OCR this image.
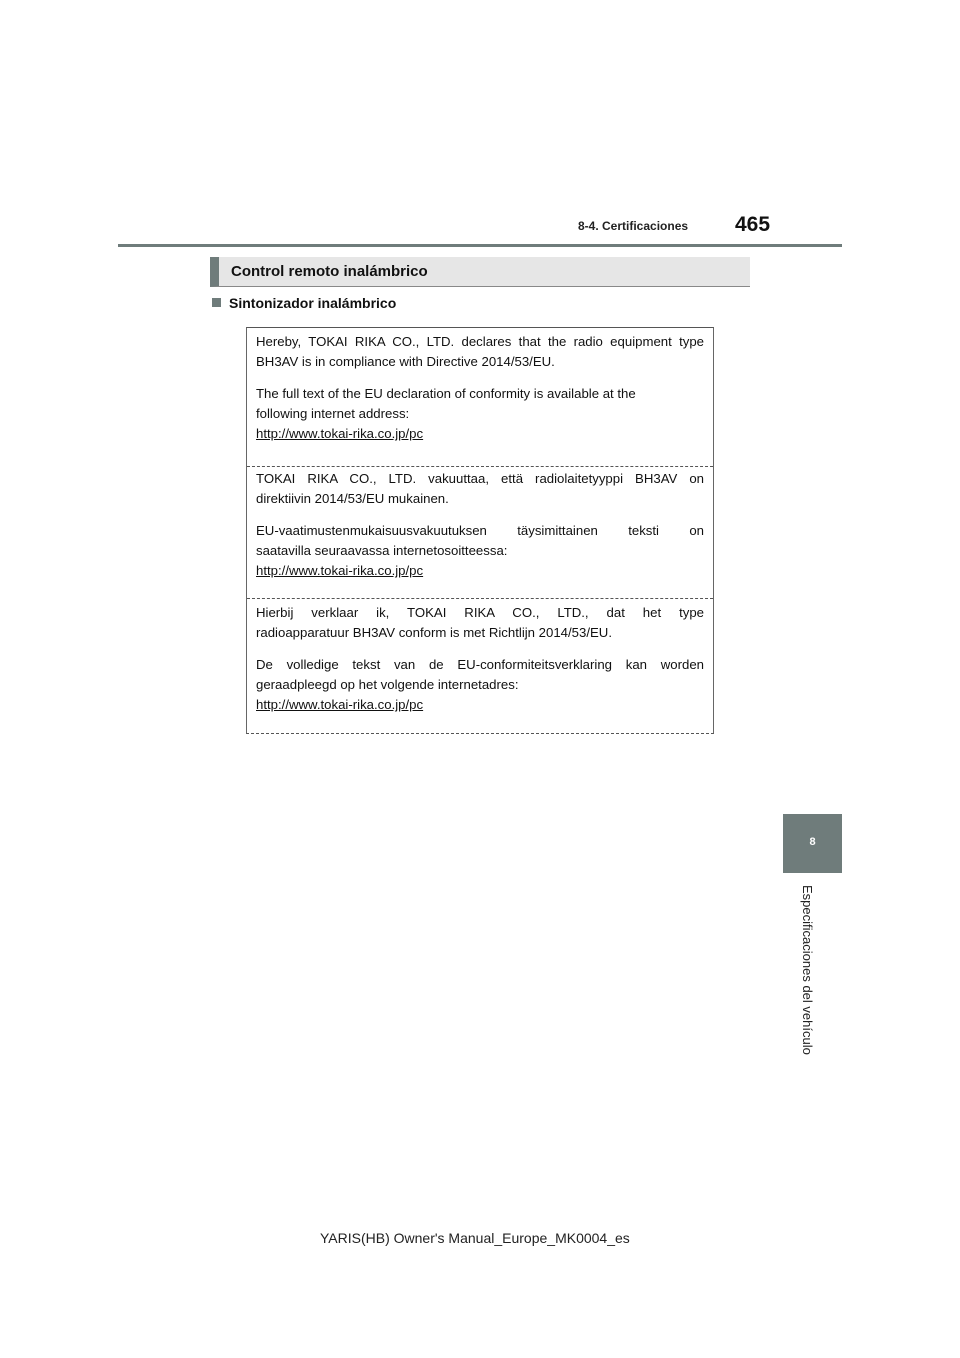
8-4. Certificaciones 465
Control remoto inalámbrico
Sintonizador inalámbrico

Hereby, TOKAI RIKA CO., LTD. declares that the radio equipment type
BH3AV is in compliance with Directive 2014/53/EU.

The full text of the EU declaration of conformity is available at the
following internet address:

http://www.tokai-rika.co.jp/pc

TOKAI RIKA CO., LTD. vakuuttaa, että radiolaitetyyppi BH3AV on
direktiivin 2014/53/EU mukainen.

EU-vaatimustenmukaisuusvakuutuksen täysimittainen teksti on
saatavilla seuraavassa internetosoitteessa:

http://www.tokai-rika.co.jp/pc

Hierbij verklaar ik, TOKAI RIKA CO., LTD., dat het type
radioapparatuur BH3AV conform is met Richtlijn 2014/53/EU.

De volledige tekst van de EU-conformiteitsverklaring kan worden
geraadpleegd op het volgende internetadres:

http://www.tokai-rika.co.jp/pc
8
Especificaciones del vehículo
YARIS(HB) Owner's Manual_Europe_MK0004_es
